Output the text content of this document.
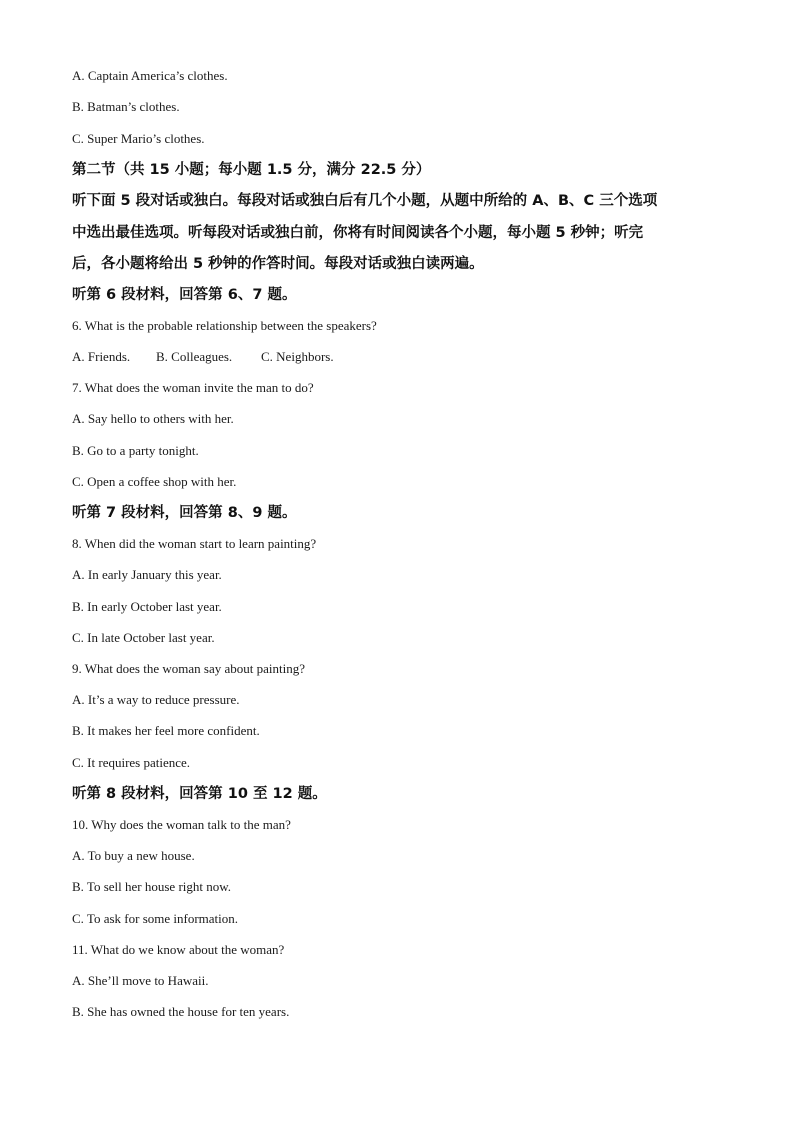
A. Captain America’s clothes.
B. Batman’s clothes.
C. Super Mario’s clothes.
第二节（共 15 小题；每小题 1.5 分，满分 22.5 分）
听下面 5 段对话或独白。每段对话或独白后有几个小题，从题中所给的 A、B、C 三个选项
中选出最佳选项。听每段对话或独白前，你将有时间阅读各个小题，每小题 5 秒钟；听完
后，各小题将给出 5 秒钟的作答时间。每段对话或独白读两遍。
听第 6 段材料，回答第 6、7 题。
6. What is the probable relationship between the speakers?
A. Friends. B. Colleagues. C. Neighbors.
7. What does the woman invite the man to do?
A. Say hello to others with her.
B. Go to a party tonight.
C. Open a coffee shop with her.
听第 7 段材料，回答第 8、9 题。
8. When did the woman start to learn painting?
A. In early January this year.
B. In early October last year.
C. In late October last year.
9. What does the woman say about painting?
A. It’s a way to reduce pressure.
B. It makes her feel more confident.
C. It requires patience.
听第 8 段材料，回答第 10 至 12 题。
10. Why does the woman talk to the man?
A. To buy a new house.
B. To sell her house right now.
C. To ask for some information.
11. What do we know about the woman?
A. She’ll move to Hawaii.
B. She has owned the house for ten years.
